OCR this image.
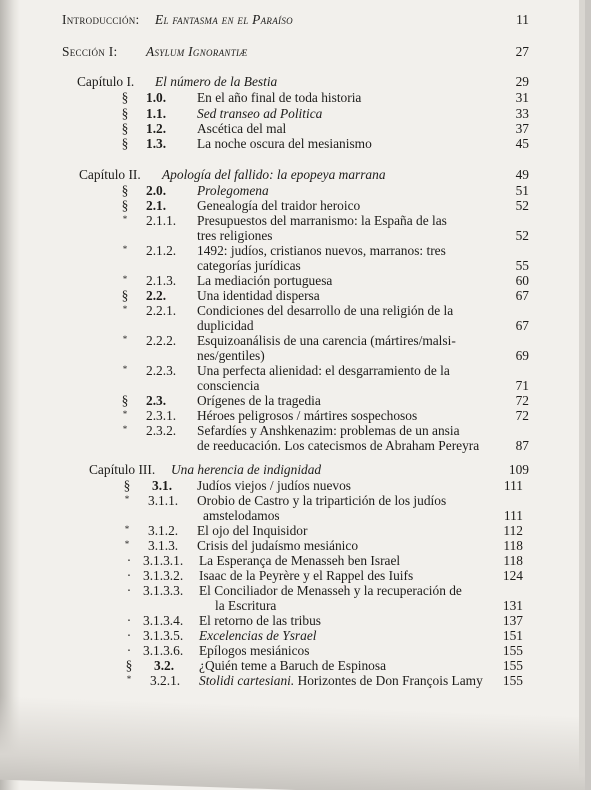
Introducción: El fantasma en el Paraíso	11
Sección I: Asylum Ignorantiæ	27
Capítulo I. El número de la Bestia	29
§ 1.0. En el año final de toda historia	31
§ 1.1. Sed transeo ad Politica	33
§ 1.2. Ascética del mal	37
§ 1.3. La noche oscura del mesianismo	45
Capítulo II. Apología del fallido: la epopeya marrana	49
§ 2.0. Prolegomena	51
§ 2.1. Genealogía del traidor heroico	52
*	2.1.1. Presupuestos del marranismo: la España de las
tres religiones	52
*	2.1.2. 1492: judíos, cristianos nuevos, marranos: tres
categorías jurídicas	55
*	2.1.3. La mediación portuguesa	60
§ 2.2. Una identidad dispersa	67
*	2.2.1. Condiciones del desarrollo de una religión de la
duplicidad	67
*	2.2.2. Esquizoanálisis de una carencia (mártires/malsi-
nes/gentiles)	69
*	2.2.3. Una perfecta alienidad: el desgarramiento de la
consciencia	71
§ 2.3. Orígenes de la tragedia	72
*	2.3.1. Héroes peligrosos / mártires sospechosos	72
*	2.3.2. Sefardíes y Anshkenazim: problemas de un ansia
de reeducación. Los catecismos de Abraham Pereyra	87
Capítulo III. Una herencia de indignidad	109
§ 3.1. Judíos viejos / judíos nuevos	111
*	3.1.1. Orobio de Castro y la tripartición de los judíos
amstelodamos	111
*	3.1.2. El ojo del Inquisidor	112
*	3.1.3. Crisis del judaísmo mesiánico	118
· 3.1.3.1. La Esperança de Menasseh ben Israel	118
· 3.1.3.2. Isaac de la Peyrère y el Rappel des Iuifs	124
· 3.1.3.3. El Conciliador de Menasseh y la recuperación de
la Escritura	131
· 3.1.3.4. El retorno de las tribus	137
· 3.1.3.5. Excelencias de Ysrael	151
· 3.1.3.6. Epílogos mesiánicos	155
§ 3.2. ¿Quién teme a Baruch de Espinosa	155
*	3.2.1. Stolidi cartesiani. Horizontes de Don François Lamy 155
